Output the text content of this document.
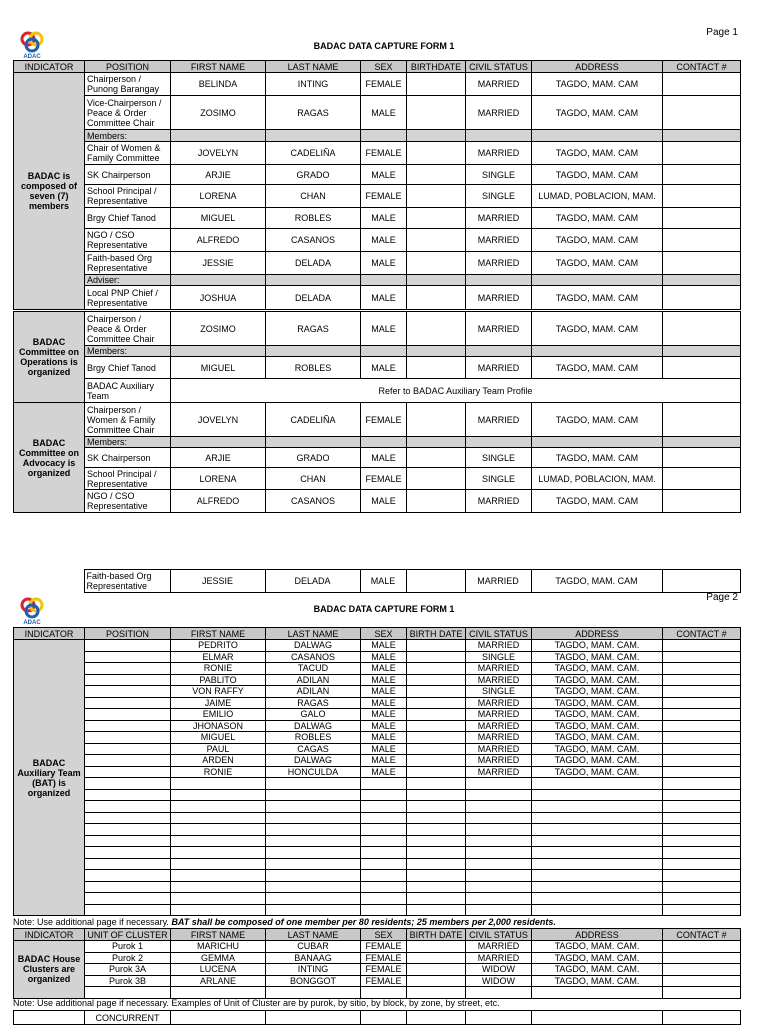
Page 1
ADAC
BADAC DATA CAPTURE FORM 1
INDICATOR	POSITION	FIRST NAME	LAST NAME	SEX	BIRTHDATE	CIVIL STATUS	ADDRESS	CONTACT #
BADAC is composed of seven (7) members	Chairperson / Punong Barangay	BELINDA	INTING	FEMALE		MARRIED	TAGDO, MAM. CAM	
	Vice-Chairperson / Peace & Order Committee Chair	ZOSIMO	RAGAS	MALE		MARRIED	TAGDO, MAM. CAM	
	Members:							
	Chair of Women & Family Committee	JOVELYN	CADELIÑA	FEMALE		MARRIED	TAGDO, MAM. CAM	
	SK Chairperson	ARJIE	GRADO	MALE		SINGLE	TAGDO, MAM. CAM	
	School Principal / Representative	LORENA	CHAN	FEMALE		SINGLE	LUMAD, POBLACION, MAM.	
	Brgy Chief Tanod	MIGUEL	ROBLES	MALE		MARRIED	TAGDO, MAM. CAM	
	NGO / CSO Representative	ALFREDO	CASANOS	MALE		MARRIED	TAGDO, MAM. CAM	
	Faith-based Org Representative	JESSIE	DELADA	MALE		MARRIED	TAGDO, MAM. CAM	
	Adviser:							
	Local PNP Chief / Representative	JOSHUA	DELADA	MALE		MARRIED	TAGDO, MAM. CAM	
BADAC Committee on Operations is organized	Chairperson / Peace & Order Committee Chair	ZOSIMO	RAGAS	MALE		MARRIED	TAGDO, MAM. CAM	
	Members:							
	Brgy Chief Tanod	MIGUEL	ROBLES	MALE		MARRIED	TAGDO, MAM. CAM	
	BADAC Auxiliary Team	Refer to BADAC Auxiliary Team Profile						

BADAC Committee on Advocacy is organized	Chairperson / Women & Family Committee Chair	JOVELYN	CADELIÑA	FEMALE		MARRIED	TAGDO, MAM. CAM	
	Members:							
	SK Chairperson	ARJIE	GRADO	MALE		SINGLE	TAGDO, MAM. CAM	
	School Principal / Representative	LORENA	CHAN	FEMALE		SINGLE	LUMAD, POBLACION, MAM.	
	NGO / CSO Representative	ALFREDO	CASANOS	MALE		MARRIED	TAGDO, MAM. CAM	
	Faith-based Org Representative	JESSIE	DELADA	MALE		MARRIED	TAGDO, MAM. CAM	
Page 2
ADAC
BADAC DATA CAPTURE FORM 1
INDICATOR	POSITION	FIRST NAME	LAST NAME	SEX	BIRTH DATE	CIVIL STATUS	ADDRESS	CONTACT #
BADAC Auxiliary Team (BAT) is organized		PEDRITO	DALWAG	MALE		MARRIED	TAGDO, MAM. CAM.	
		ELMAR	CASANOS	MALE		SINGLE	TAGDO, MAM. CAM.	
		RONIE	TACUD	MALE		MARRIED	TAGDO, MAM. CAM.	
		PABLITO	ADILAN	MALE		MARRIED	TAGDO, MAM. CAM.	
		VON RAFFY	ADILAN	MALE		SINGLE	TAGDO, MAM. CAM.	
		JAIME	RAGAS	MALE		MARRIED	TAGDO, MAM. CAM.	
		EMILIO	GALO	MALE		MARRIED	TAGDO, MAM. CAM.	
		JHONASON	DALWAG	MALE		MARRIED	TAGDO, MAM. CAM.	
		MIGUEL	ROBLES	MALE		MARRIED	TAGDO, MAM. CAM.	
		PAUL	CAGAS	MALE		MARRIED	TAGDO, MAM. CAM.	
		ARDEN	DALWAG	MALE		MARRIED	TAGDO, MAM. CAM.	
		RONIE	HONCULDA	MALE		MARRIED	TAGDO, MAM. CAM.	

Note: Use additional page if necessary. BAT shall be composed of one member per 80 residents; 25 members per 2,000 residents.
INDICATOR	UNIT OF CLUSTER	FIRST NAME	LAST NAME	SEX	BIRTH DATE	CIVIL STATUS	ADDRESS	CONTACT #
BADAC House Clusters are organized	Purok 1	MARICHU	CUBAR	FEMALE		MARRIED	TAGDO, MAM. CAM.	
	Purok 2	GEMMA	BANAAG	FEMALE		MARRIED	TAGDO, MAM. CAM.	
	Purok 3A	LUCENA	INTING	FEMALE		WIDOW	TAGDO, MAM. CAM.	
	Purok 3B	ARLANE	BONGGOT	FEMALE		WIDOW	TAGDO, MAM. CAM.	

Note: Use additional page if necessary. Examples of Unit of Cluster are by purok, by sitio, by block, by zone, by street, etc.
	CONCURRENT							
